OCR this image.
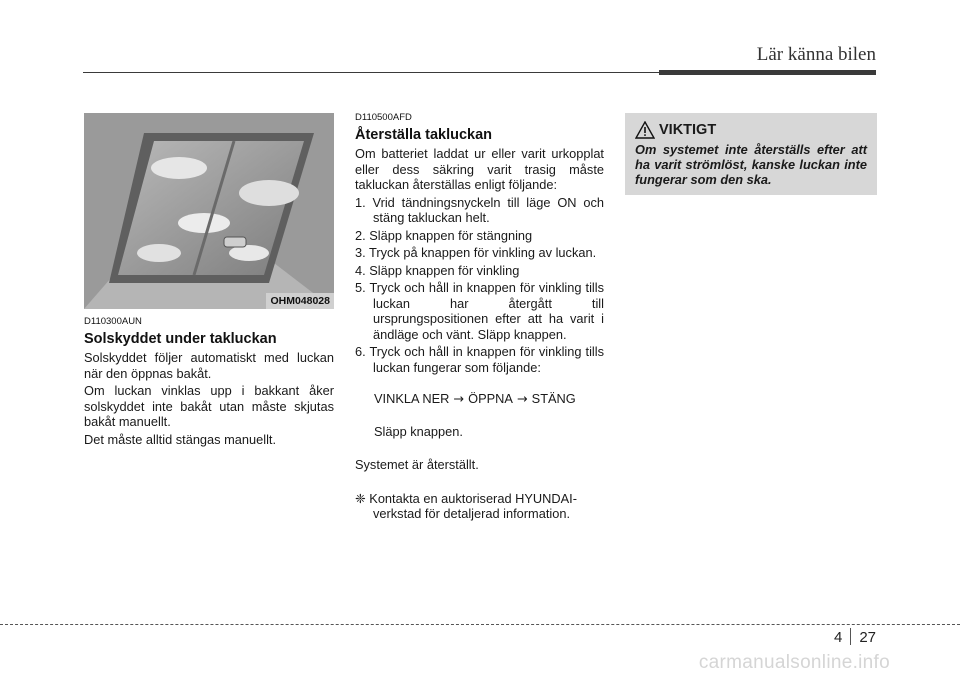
Lär känna bilen
OHM048028

D110300AUN

Solskyddet under takluckan

Solskyddet följer automatiskt med luckan när den öppnas bakåt.

Om luckan vinklas upp i bakkant åker solskyddet inte bakåt utan måste skjutas bakåt manuellt.

Det måste alltid stängas manuellt.

D110500AFD

Återställa takluckan

Om batteriet laddat ur eller varit urkopplat eller dess säkring varit trasig måste takluckan återställas enligt följande:

1. Vrid tändningsnyckeln till läge ON och stäng takluckan helt.
2. Släpp knappen för stängning
3. Tryck på knappen för vinkling av luckan.
4. Släpp knappen för vinkling
5. Tryck och håll in knappen för vinkling tills luckan har återgått till ursprungspositionen efter att ha varit i ändläge och vänt. Släpp knappen.
6. Tryck och håll in knappen för vinkling tills luckan fungerar som följande:
VINKLA NER → ÖPPNA → STÄNG
Släpp knappen.
Systemet är återställt.
❈ Kontakta en auktoriserad HYUNDAI-verkstad för detaljerad information.
VIKTIGT

Om systemet inte återställs efter att ha varit strömlöst, kanske luckan inte fungerar som den ska.

4 27
carmanualsonline.info
